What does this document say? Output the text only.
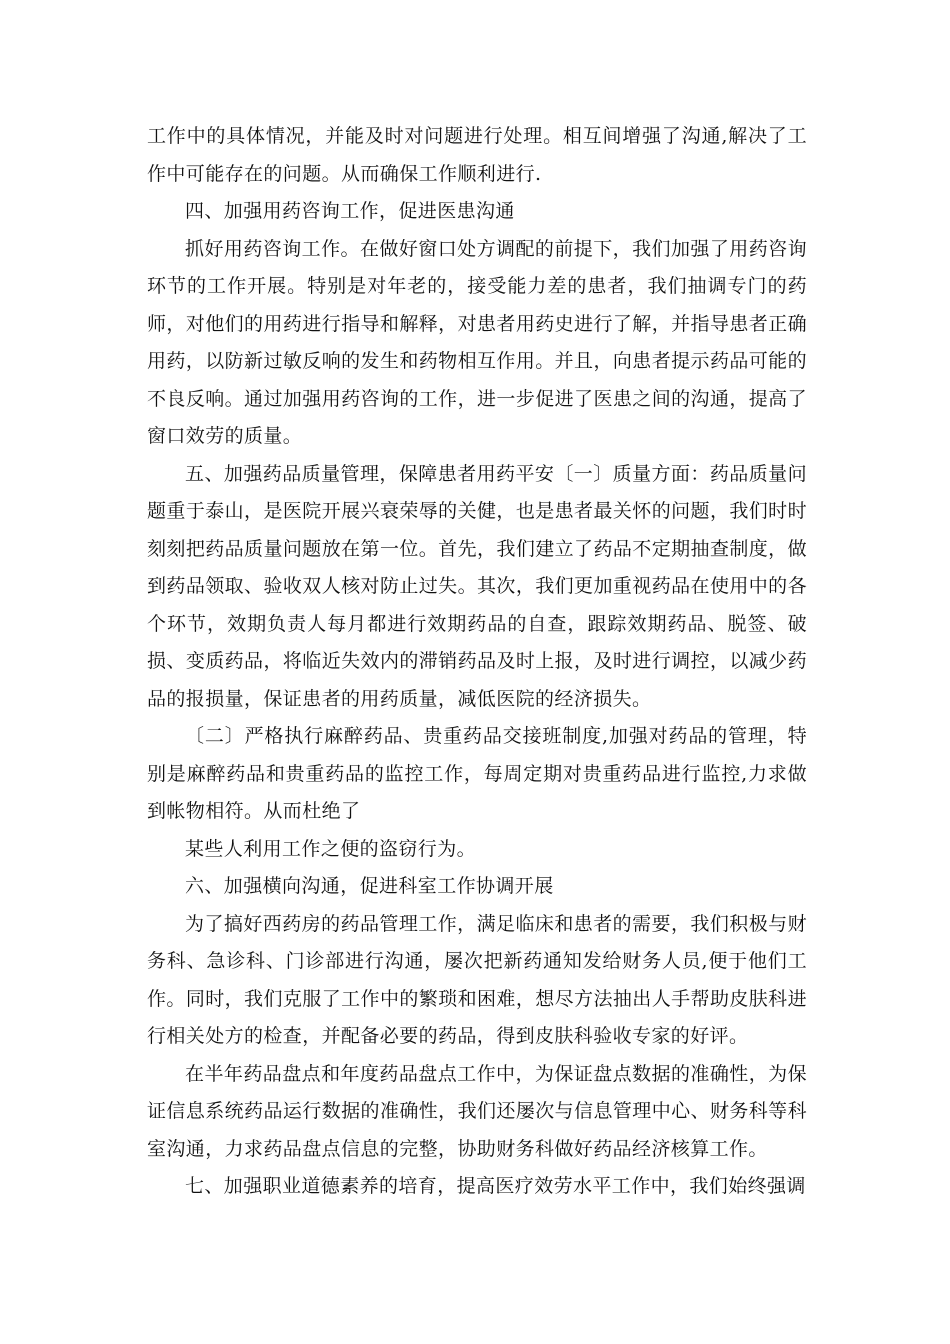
工作中的具体情况，并能及时对问题进行处理。相互间增强了沟通,解决了工作中可能存在的问题。从而确保工作顺利进行.

四、加强用药咨询工作，促进医患沟通

抓好用药咨询工作。在做好窗口处方调配的前提下，我们加强了用药咨询环节的工作开展。特别是对年老的，接受能力差的患者，我们抽调专门的药师，对他们的用药进行指导和解释，对患者用药史进行了解，并指导患者正确用药，以防新过敏反响的发生和药物相互作用。并且，向患者提示药品可能的不良反响。通过加强用药咨询的工作，进一步促进了医患之间的沟通，提高了窗口效劳的质量。

五、加强药品质量管理，保障患者用药平安〔一〕质量方面：药品质量问题重于泰山，是医院开展兴衰荣辱的关健，也是患者最关怀的问题，我们时时刻刻把药品质量问题放在第一位。首先，我们建立了药品不定期抽查制度，做到药品领取、验收双人核对防止过失。其次，我们更加重视药品在使用中的各个环节，效期负责人每月都进行效期药品的自查，跟踪效期药品、脱签、破损、变质药品，将临近失效内的滞销药品及时上报，及时进行调控，以减少药品的报损量，保证患者的用药质量，减低医院的经济损失。

〔二〕严格执行麻醉药品、贵重药品交接班制度,加强对药品的管理，特别是麻醉药品和贵重药品的监控工作，每周定期对贵重药品进行监控,力求做到帐物相符。从而杜绝了

某些人利用工作之便的盗窃行为。

六、加强横向沟通，促进科室工作协调开展

为了搞好西药房的药品管理工作，满足临床和患者的需要，我们积极与财务科、急诊科、门诊部进行沟通，屡次把新药通知发给财务人员,便于他们工作。同时，我们克服了工作中的繁琐和困难，想尽方法抽出人手帮助皮肤科进行相关处方的检查，并配备必要的药品，得到皮肤科验收专家的好评。

在半年药品盘点和年度药品盘点工作中，为保证盘点数据的准确性，为保证信息系统药品运行数据的准确性，我们还屡次与信息管理中心、财务科等科室沟通，力求药品盘点信息的完整，协助财务科做好药品经济核算工作。

七、加强职业道德素养的培育，提高医疗效劳水平工作中，我们始终强调
